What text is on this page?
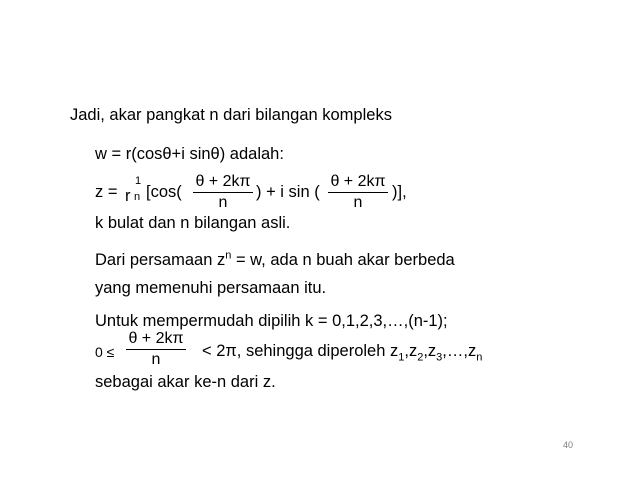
Jadi, akar pangkat n dari bilangan kompleks
w = r(cosθ+i sinθ) adalah:
z =
1
r n [cos(
θ + 2kπ
n
) + i sin (
θ + 2kπ
n
)],
k bulat dan n bilangan asli.
Dari persamaan $z^n = w$, ada n buah akar berbeda
yang memenuhi persamaan itu.
Untuk mempermudah dipilih k = 0,1,2,3,…,(n-1);
0 ≤
θ + 2kπ
n	< 2π, sehingga diperoleh $z_1,z_2,z_3,\dots,z_n$
sebagai akar ke-n dari z.
40
